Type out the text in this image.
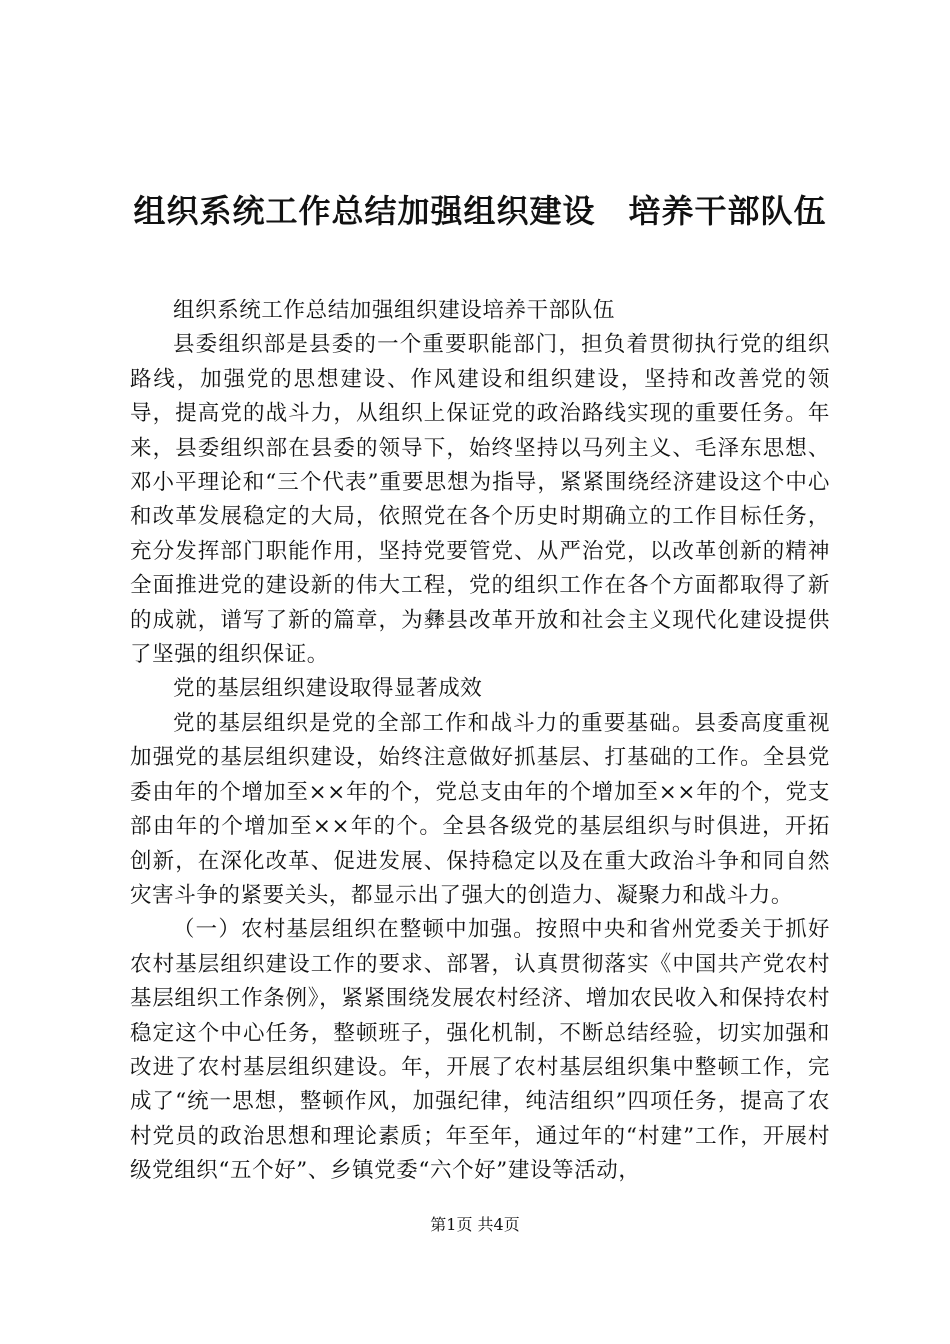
组织系统工作总结加强组织建设　培养干部队伍

组织系统工作总结加强组织建设培养干部队伍

县委组织部是县委的一个重要职能部门，担负着贯彻执行党的组织路线，加强党的思想建设、作风建设和组织建设，坚持和改善党的领导，提高党的战斗力，从组织上保证党的政治路线实现的重要任务。年来，县委组织部在县委的领导下，始终坚持以马列主义、毛泽东思想、邓小平理论和“三个代表”重要思想为指导，紧紧围绕经济建设这个中心和改革发展稳定的大局，依照党在各个历史时期确立的工作目标任务，充分发挥部门职能作用，坚持党要管党、从严治党，以改革创新的精神全面推进党的建设新的伟大工程，党的组织工作在各个方面都取得了新的成就，谱写了新的篇章，为彝县改革开放和社会主义现代化建设提供了坚强的组织保证。

党的基层组织建设取得显著成效

党的基层组织是党的全部工作和战斗力的重要基础。县委高度重视加强党的基层组织建设，始终注意做好抓基层、打基础的工作。全县党委由年的个增加至××年的个，党总支由年的个增加至××年的个，党支部由年的个增加至××年的个。全县各级党的基层组织与时俱进，开拓创新，在深化改革、促进发展、保持稳定以及在重大政治斗争和同自然灾害斗争的紧要关头，都显示出了强大的创造力、凝聚力和战斗力。

（一）农村基层组织在整顿中加强。按照中央和省州党委关于抓好农村基层组织建设工作的要求、部署，认真贯彻落实《中国共产党农村基层组织工作条例》，紧紧围绕发展农村经济、增加农民收入和保持农村稳定这个中心任务，整顿班子，强化机制，不断总结经验，切实加强和改进了农村基层组织建设。年，开展了农村基层组织集中整顿工作，完成了“统一思想，整顿作风，加强纪律，纯洁组织”四项任务，提高了农村党员的政治思想和理论素质；年至年，通过年的“村建”工作，开展村级党组织“五个好”、乡镇党委“六个好”建设等活动，

第1页 共4页
